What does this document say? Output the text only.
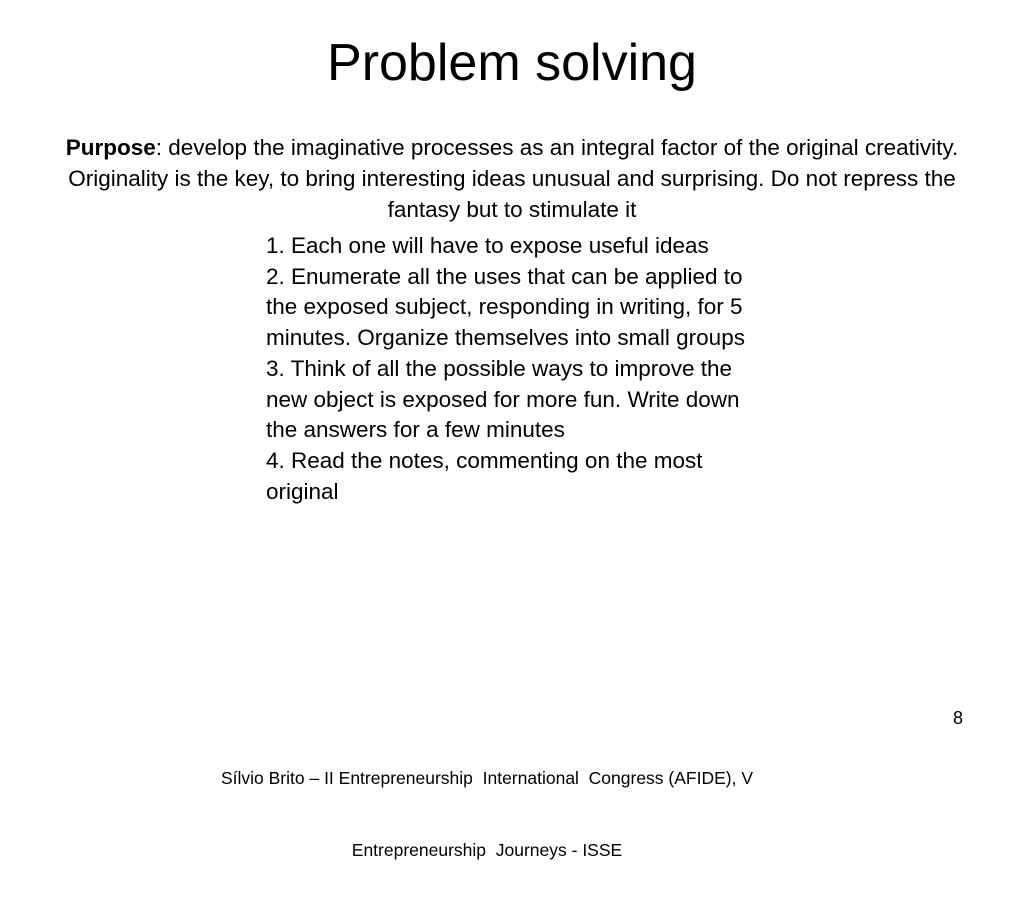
Problem solving

Purpose: develop the imaginative processes as an integral factor of the original creativity. Originality is the key, to bring interesting ideas unusual and surprising. Do not repress the fantasy but to stimulate it

1. Each one will have to expose useful ideas
2. Enumerate all the uses that can be applied to the exposed subject, responding in writing, for 5 minutes. Organize themselves into small groups
3. Think of all the possible ways to improve the new object is exposed for more fun. Write down the answers for a few minutes
4. Read the notes, commenting on the most original
8

Sílvio Brito – II Entrepreneurship  International  Congress (AFIDE), V

Entrepreneurship  Journeys - ISSE
